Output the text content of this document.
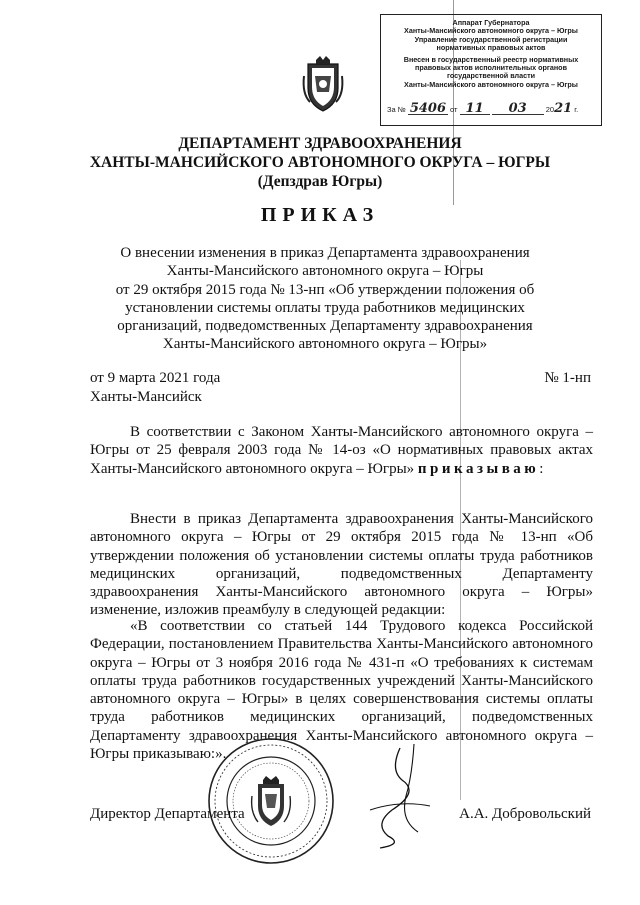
Аппарат Губернатора
Ханты-Мансийского автономного округа – Югры
Управление государственной регистрации
нормативных правовых актов
Внесен в государственный реестр нормативных
правовых актов исполнительных органов
государственной власти
Ханты-Мансийского автономного округа – Югры
За № 5406 от 11 03	2021 г.
ДЕПАРТАМЕНТ ЗДРАВООХРАНЕНИЯ
ХАНТЫ-МАНСИЙСКОГО АВТОНОМНОГО ОКРУГА – ЮГРЫ
(Депздрав Югры)
ПРИКАЗ
О внесении изменения в приказ Департамента здравоохранения
Ханты-Мансийского автономного округа – Югры
от 29 октября 2015 года № 13-нп «Об утверждении положения об
установлении системы оплаты труда работников медицинских
организаций, подведомственных Департаменту здравоохранения
Ханты-Мансийского автономного округа – Югры»
от 9 марта 2021 года	№ 1-нп
Ханты-Мансийск
В соответствии с Законом Ханты-Мансийского автономного округа – Югры от 25 февраля 2003 года № 14-оз «О нормативных правовых актах Ханты-Мансийского автономного округа – Югры» приказываю:
Внести в приказ Департамента здравоохранения Ханты-Мансийского автономного округа – Югры от 29 октября 2015 года № 13-нп «Об утверждении положения об установлении системы оплаты труда работников медицинских организаций, подведомственных Департаменту здравоохранения Ханты-Мансийского автономного округа – Югры» изменение, изложив преамбулу в следующей редакции:
«В соответствии со статьей 144 Трудового кодекса Российской Федерации, постановлением Правительства Ханты-Мансийского автономного округа – Югры от 3 ноября 2016 года № 431-п «О требованиях к системам оплаты труда работников государственных учреждений Ханты-Мансийского автономного округа – Югры» в целях совершенствования системы оплаты труда работников медицинских организаций, подведомственных Департаменту здравоохранения Ханты-Мансийского автономного округа – Югры приказываю:».
Директор Департамента	А.А. Добровольский
